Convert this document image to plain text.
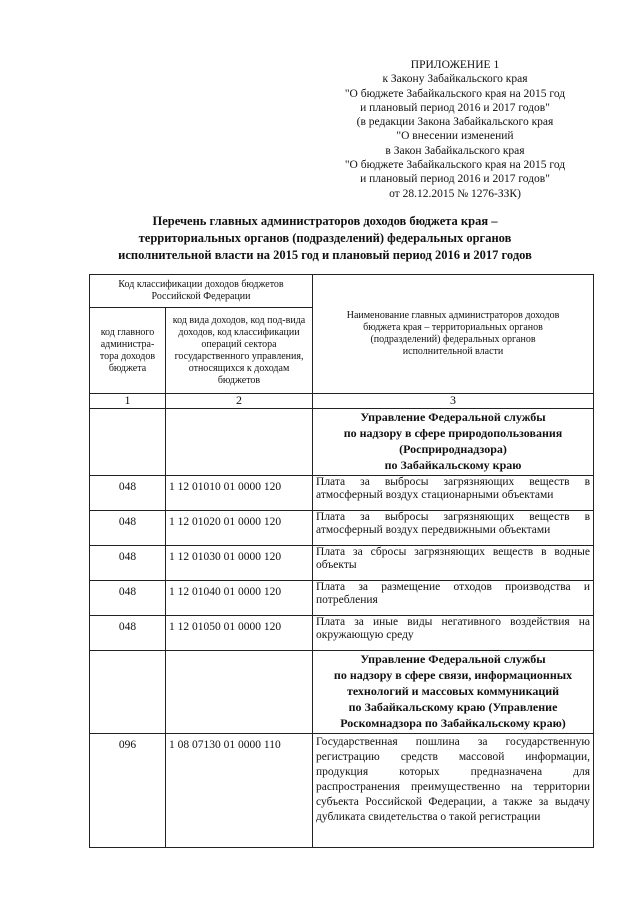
ПРИЛОЖЕНИЕ 1
к Закону Забайкальского края
"О бюджете Забайкальского края на 2015 год
и плановый период 2016 и 2017 годов"
(в редакции Закона Забайкальского края
"О внесении изменений
в Закон Забайкальского края
"О бюджете Забайкальского края на 2015 год
и плановый период 2016 и 2017 годов"
от 28.12.2015 № 1276-ЗЗК)
Перечень главных администраторов доходов бюджета края –
территориальных органов (подразделений) федеральных органов
исполнительной власти на 2015 год и плановый период 2016 и 2017 годов
Код классификации доходов бюджетов Российской Федерации		Наименование главных администраторов доходов бюджета края – территориальных органов (подразделений) федеральных органов исполнительной власти
код главного администра-тора доходов бюджета	код вида доходов, код под-вида доходов, код классификации операций сектора государственного управления, относящихся к доходам бюджетов	
1	2	3

		Управление Федеральной службы
по надзору в сфере природопользования
(Росприроднадзора)
по Забайкальскому краю

048	1 12 01010 01 0000 120	Плата за выбросы загрязняющих веществ в атмосферный воздух стационарными объектами
048	1 12 01020 01 0000 120	Плата за выбросы загрязняющих веществ в атмосферный воздух передвижными объектами
048	1 12 01030 01 0000 120	Плата за сбросы загрязняющих веществ в водные объекты
048	1 12 01040 01 0000 120	Плата за размещение отходов производства и потребления
048	1 12 01050 01 0000 120	Плата за иные виды негативного воздействия на окружающую среду

		Управление Федеральной службы
по надзору в сфере связи, информационных
технологий и массовых коммуникаций
по Забайкальскому краю (Управление
Роскомнадзора по Забайкальскому краю)

096	1 08 07130 01 0000 110	Государственная пошлина за государственную регистрацию средств массовой информации, продукция которых предназначена для распространения преимущественно на территории субъекта Российской Федерации, а также за выдачу дубликата свидетельства о такой регистрации
